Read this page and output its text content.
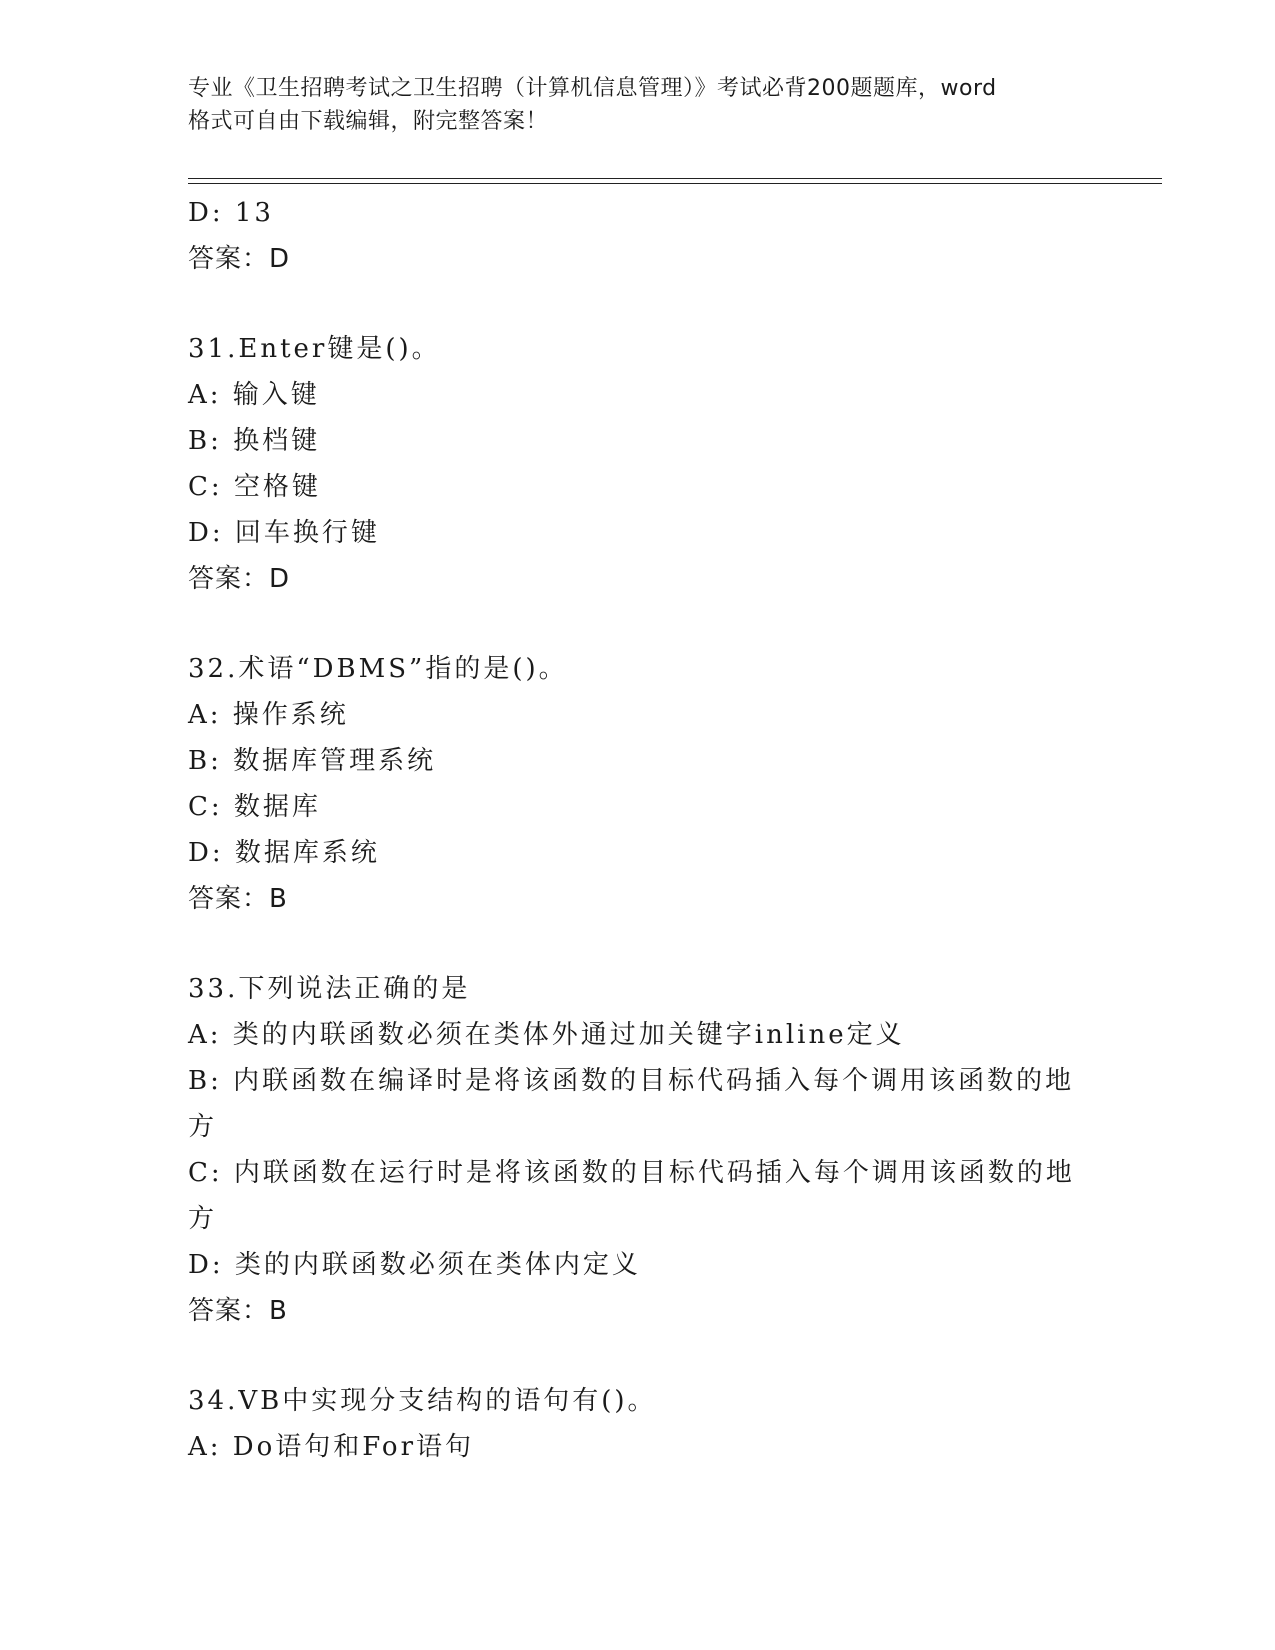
专业《卫生招聘考试之卫生招聘（计算机信息管理）》考试必背200题题库，word
格式可自由下载编辑，附完整答案！
D: 13
答案：D
31.Enter键是()。
A: 输入键
B: 换档键
C: 空格键
D: 回车换行键
答案：D
32.术语“DBMS”指的是()。
A: 操作系统
B: 数据库管理系统
C: 数据库
D: 数据库系统
答案：B
33.下列说法正确的是
A: 类的内联函数必须在类体外通过加关键字inline定义
B: 内联函数在编译时是将该函数的目标代码插入每个调用该函数的地方
C: 内联函数在运行时是将该函数的目标代码插入每个调用该函数的地方
D: 类的内联函数必须在类体内定义
答案：B
34.VB中实现分支结构的语句有()。
A: Do语句和For语句
